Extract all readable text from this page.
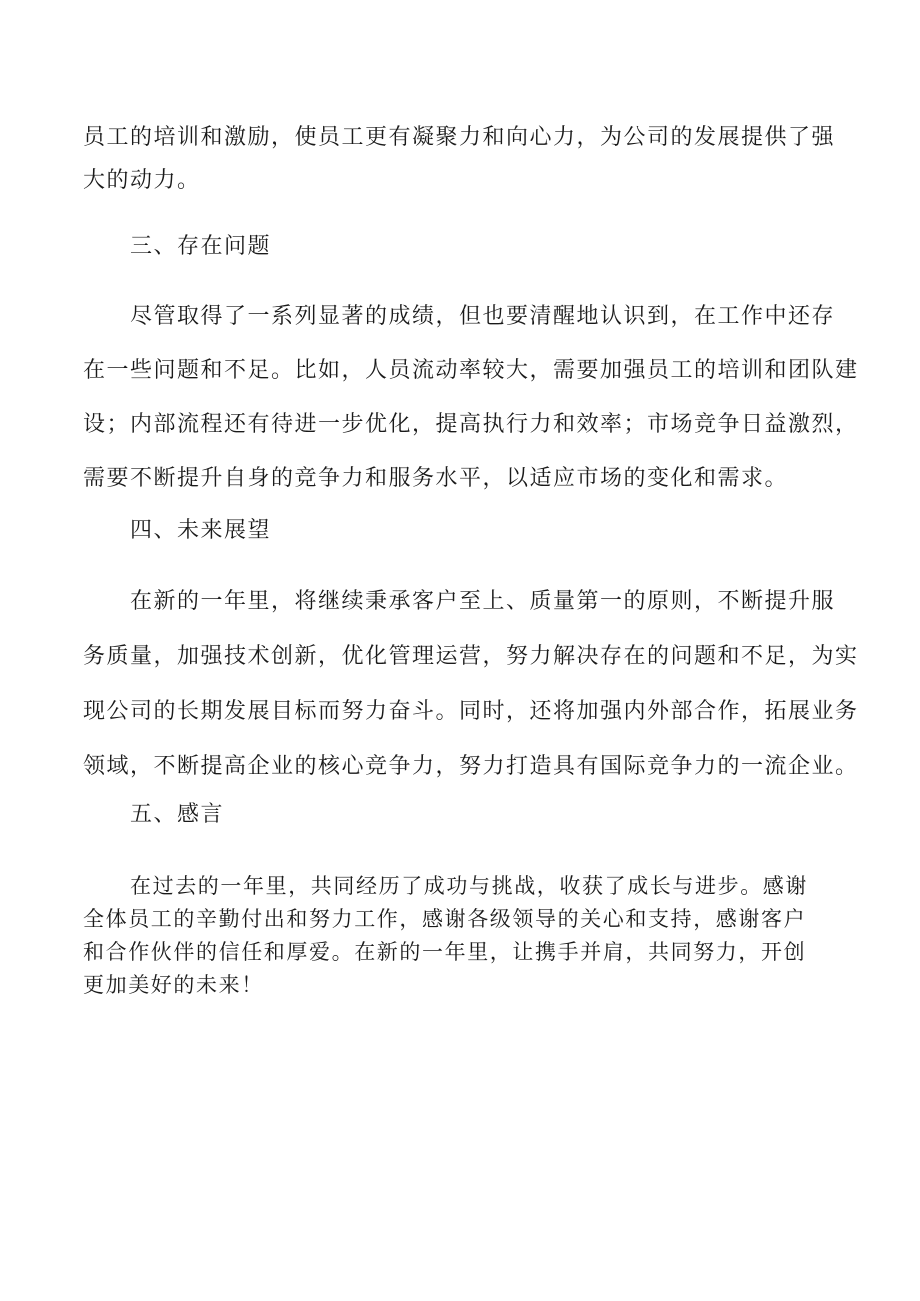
员工的培训和激励，使员工更有凝聚力和向心力，为公司的发展提供了强
大的动力。

三、存在问题

尽管取得了一系列显著的成绩，但也要清醒地认识到，在工作中还存
在一些问题和不足。比如，人员流动率较大，需要加强员工的培训和团队建
设；内部流程还有待进一步优化，提高执行力和效率；市场竞争日益激烈，
需要不断提升自身的竞争力和服务水平，以适应市场的变化和需求。

四、未来展望

在新的一年里，将继续秉承客户至上、质量第一的原则，不断提升服
务质量，加强技术创新，优化管理运营，努力解决存在的问题和不足，为实
现公司的长期发展目标而努力奋斗。同时，还将加强内外部合作，拓展业务
领域，不断提高企业的核心竞争力，努力打造具有国际竞争力的一流企业。

五、感言

在过去的一年里，共同经历了成功与挑战，收获了成长与进步。感谢
全体员工的辛勤付出和努力工作，感谢各级领导的关心和支持，感谢客户
和合作伙伴的信任和厚爱。在新的一年里，让携手并肩，共同努力，开创
更加美好的未来！
